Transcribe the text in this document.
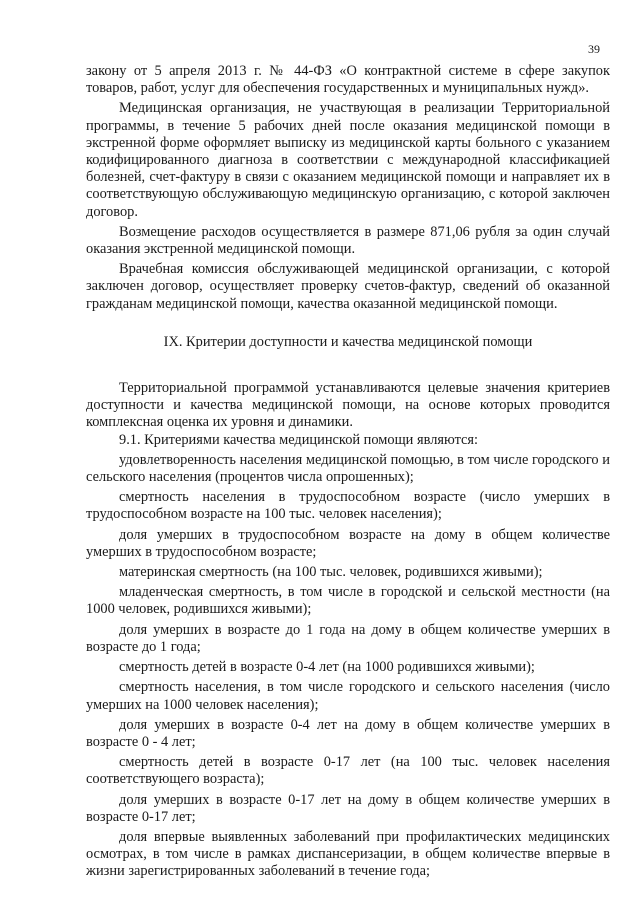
39

закону от 5 апреля 2013 г. № 44-ФЗ «О контрактной системе в сфере закупок товаров, работ, услуг для обеспечения государственных и муниципальных нужд».

Медицинская организация, не участвующая в реализации Территориальной программы, в течение 5 рабочих дней после оказания медицинской помощи в экстренной форме оформляет выписку из медицинской карты больного с указанием кодифицированного диагноза в соответствии с международной классификацией болезней, счет-фактуру в связи с оказанием медицинской помощи и направляет их в соответствующую обслуживающую медицинскую организацию, с которой заключен договор.

Возмещение расходов осуществляется в размере 871,06 рубля за один случай оказания экстренной медицинской помощи.

Врачебная комиссия обслуживающей медицинской организации, с которой заключен договор, осуществляет проверку счетов-фактур, сведений об оказанной гражданам медицинской помощи, качества оказанной медицинской помощи.

IX. Критерии доступности и качества медицинской помощи

Территориальной программой устанавливаются целевые значения критериев доступности и качества медицинской помощи, на основе которых проводится комплексная оценка их уровня и динамики.

9.1. Критериями качества медицинской помощи являются:

удовлетворенность населения медицинской помощью, в том числе городского и сельского населения (процентов числа опрошенных);

смертность населения в трудоспособном возрасте (число умерших в трудоспособном возрасте на 100 тыс. человек населения);

доля умерших в трудоспособном возрасте на дому в общем количестве умерших в трудоспособном возрасте;

материнская смертность (на 100 тыс. человек, родившихся живыми);

младенческая смертность, в том числе в городской и сельской местности (на 1000 человек, родившихся живыми);

доля умерших в возрасте до 1 года на дому в общем количестве умерших в возрасте до 1 года;

смертность детей в возрасте 0-4 лет (на 1000 родившихся живыми);

смертность населения, в том числе городского и сельского населения (число умерших на 1000 человек населения);

доля умерших в возрасте 0-4 лет на дому в общем количестве умерших в возрасте 0 - 4 лет;

смертность детей в возрасте 0-17 лет (на 100 тыс. человек населения соответствующего возраста);

доля умерших в возрасте 0-17 лет на дому в общем количестве умерших в возрасте 0-17 лет;

доля впервые выявленных заболеваний при профилактических медицинских осмотрах, в том числе в рамках диспансеризации, в общем количестве впервые в жизни зарегистрированных заболеваний в течение года;
